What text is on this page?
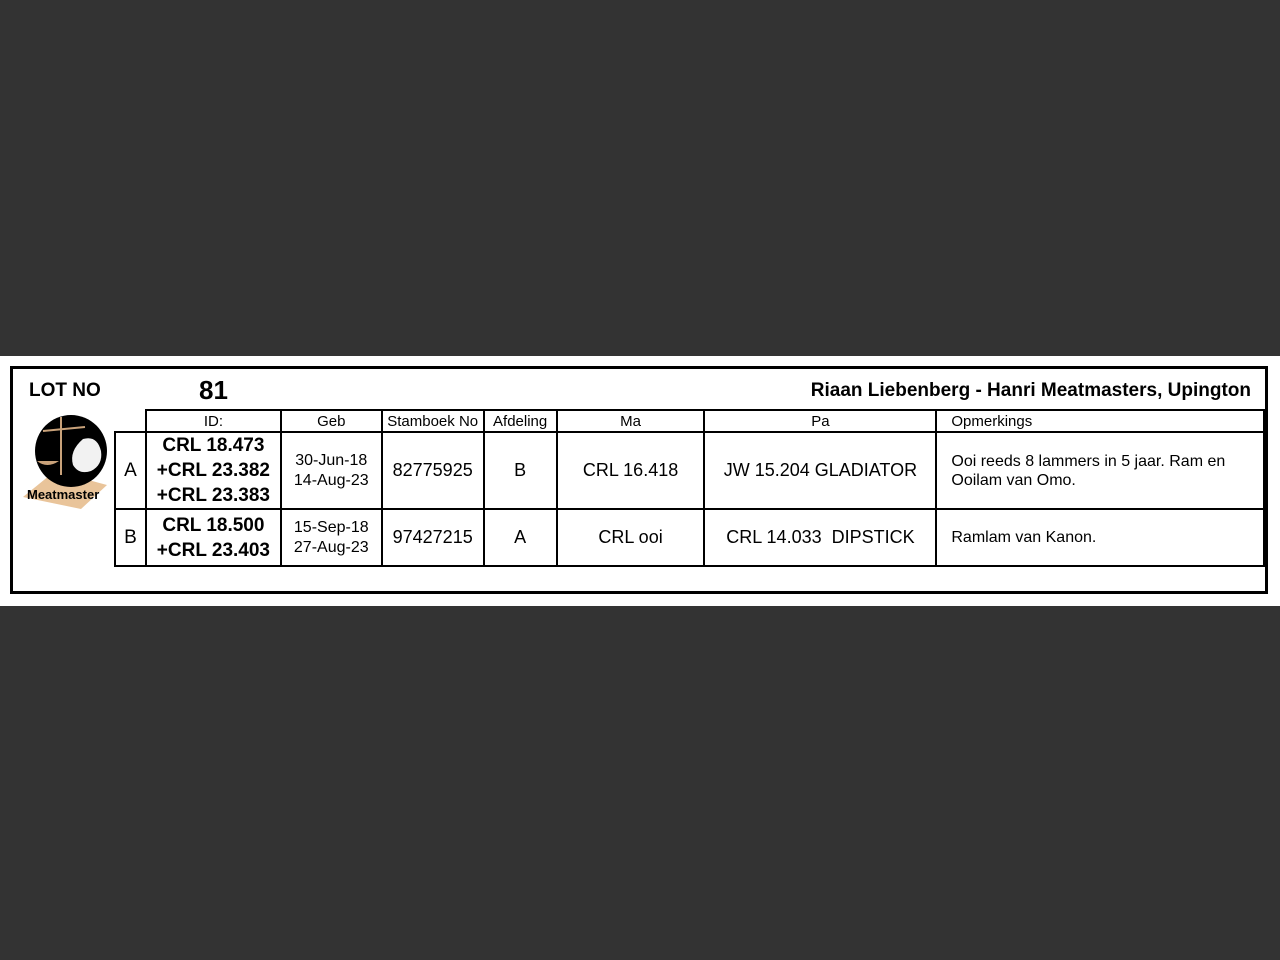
LOT NO	81	Riaan Liebenberg - Hanri Meatmasters, Upington
Meatmaster
	ID:	Geb	Stamboek No	Afdeling	Ma	Pa	Opmerkings
A	CRL 18.473
+CRL 23.382
+CRL 23.383	30-Jun-18
14-Aug-23	82775925	B	CRL 16.418	JW 15.204 GLADIATOR	Ooi reeds 8 lammers in 5 jaar. Ram en
Ooilam van Omo.

B	CRL 18.500
+CRL 23.403	15-Sep-18
27-Aug-23	97427215	A	CRL ooi	CRL 14.033  DIPSTICK	Ramlam van Kanon.
